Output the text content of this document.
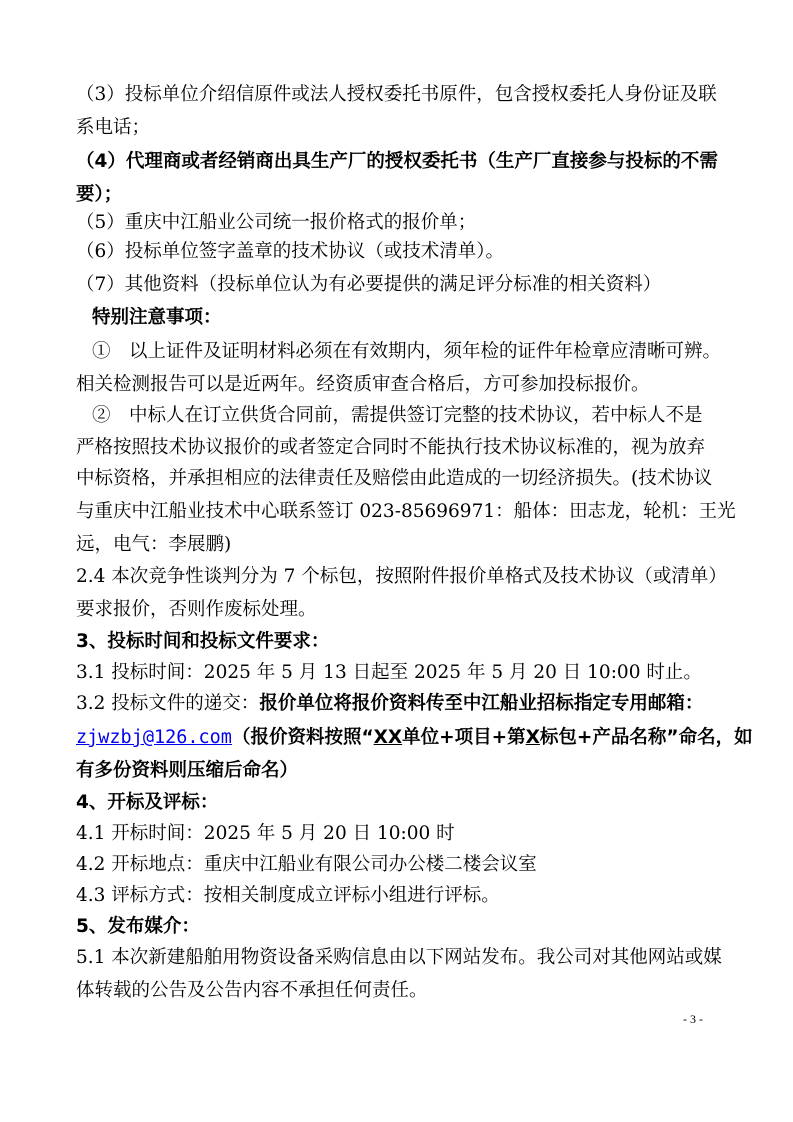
（3）投标单位介绍信原件或法人授权委托书原件，包含授权委托人身份证及联
系电话；
（4）代理商或者经销商出具生产厂的授权委托书（生产厂直接参与投标的不需
要）；
（5）重庆中江船业公司统一报价格式的报价单；
（6）投标单位签字盖章的技术协议（或技术清单）。
（7）其他资料（投标单位认为有必要提供的满足评分标准的相关资料）
特别注意事项：
①　以上证件及证明材料必须在有效期内，须年检的证件年检章应清晰可辨。
相关检测报告可以是近两年。经资质审查合格后，方可参加投标报价。
②　中标人在订立供货合同前，需提供签订完整的技术协议，若中标人不是
严格按照技术协议报价的或者签定合同时不能执行技术协议标准的，视为放弃
中标资格，并承担相应的法律责任及赔偿由此造成的一切经济损失。(技术协议
与重庆中江船业技术中心联系签订 023-85696971：船体：田志龙，轮机：王光
远，电气：李展鹏)
2.4 本次竞争性谈判分为 7 个标包，按照附件报价单格式及技术协议（或清单）
要求报价，否则作废标处理。
3、投标时间和投标文件要求：
3.1 投标时间：2025 年 5 月 13 日起至 2025 年 5 月 20 日 10:00 时止。
3.2 投标文件的递交：报价单位将报价资料传至中江船业招标指定专用邮箱：
zjwzbj@126.com（报价资料按照“XX单位+项目+第X标包+产品名称”命名，如
有多份资料则压缩后命名）
4、开标及评标：
4.1 开标时间：2025 年 5 月 20 日 10:00 时
4.2 开标地点：重庆中江船业有限公司办公楼二楼会议室
4.3 评标方式：按相关制度成立评标小组进行评标。
5、发布媒介：
5.1 本次新建船舶用物资设备采购信息由以下网站发布。我公司对其他网站或媒
体转载的公告及公告内容不承担任何责任。
- 3 -
